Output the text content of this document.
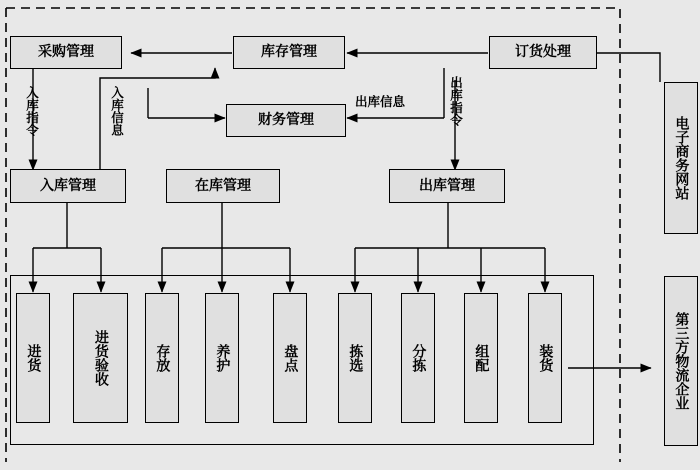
采购管理	库存管理	订货处理
财务管理
入库管理	在库管理	出库管理	电子商务网站
第三方物流企业
进货	进货验收	存放	养护	盘点	拣选	分拣	组配	装货
入库指令	入库信息	出库信息	出库指令
